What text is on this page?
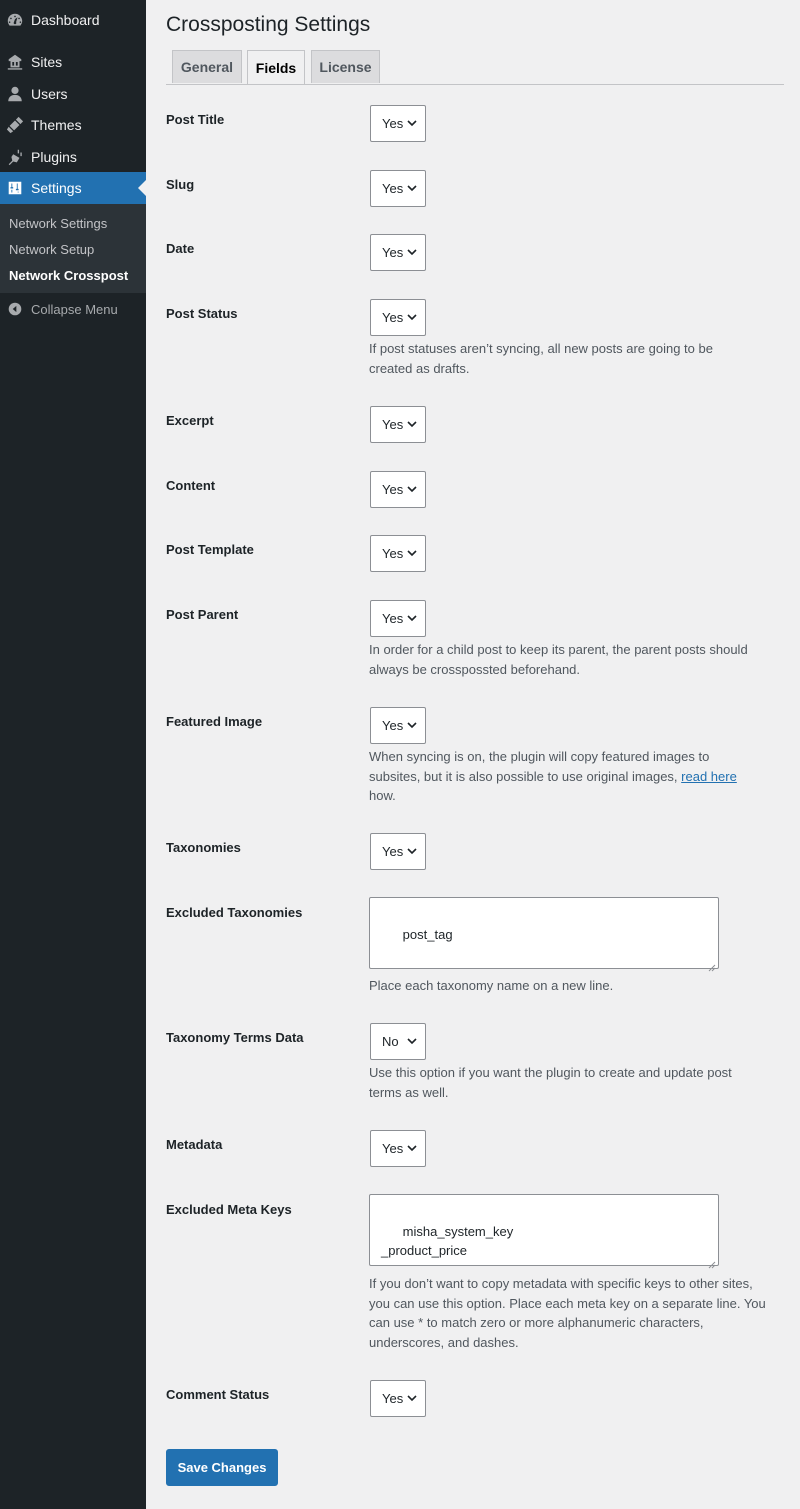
Dashboard
Sites
Users
Themes
Plugins
Settings
Network Settings
Network Setup
Network Crosspost
Collapse Menu
Crossposting Settings
General	Fields	License
Post Title	Yes
Slug	Yes
Date	Yes
Post Status	Yes
If post statuses aren’t syncing, all new posts are going to be
created as drafts.
Excerpt	Yes
Content	Yes
Post Template	Yes
Post Parent	Yes
In order for a child post to keep its parent, the parent posts should
always be crosspossted beforehand.
Featured Image	Yes
When syncing is on, the plugin will copy featured images to
subsites, but it is also possible to use original images, read here
how.
Taxonomies	Yes
Excluded Taxonomies

post_tag

Place each taxonomy name on a new line.
Taxonomy Terms Data	No
Use this option if you want the plugin to create and update post
terms as well.
Metadata	Yes
Excluded Meta Keys

misha_system_key
_product_price

If you don’t want to copy metadata with specific keys to other sites,
you can use this option. Place each meta key on a separate line. You
can use * to match zero or more alphanumeric characters,
underscores, and dashes.
Comment Status	Yes
Save Changes
